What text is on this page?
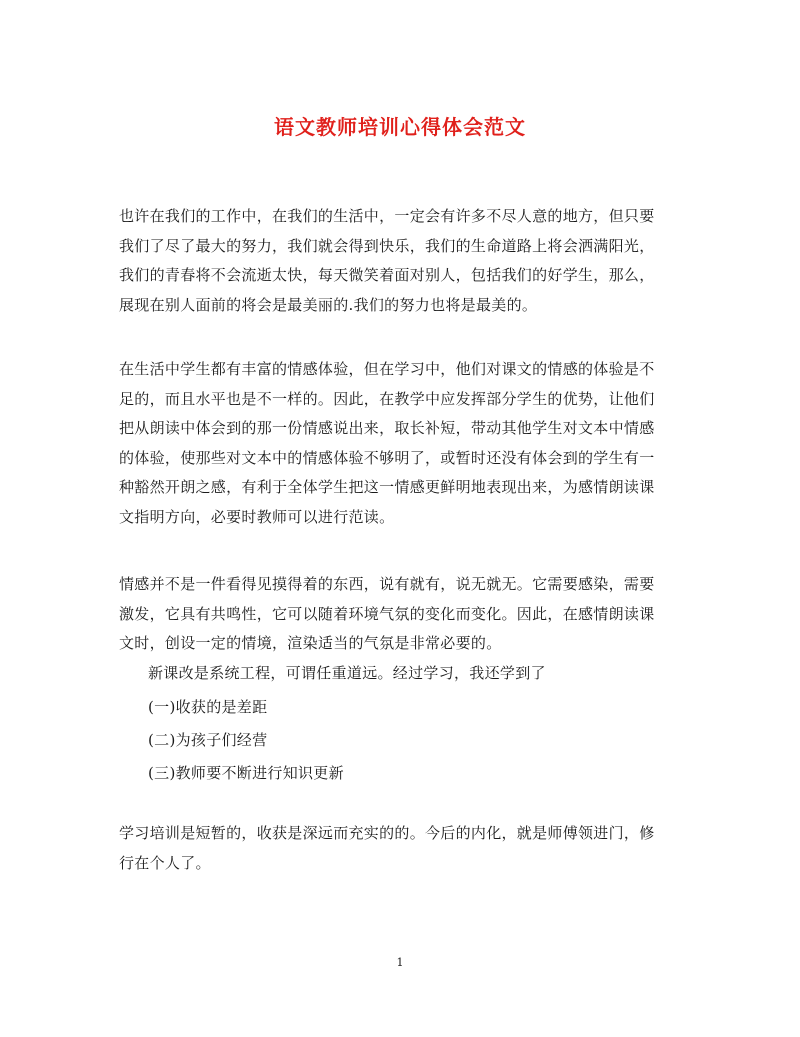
语文教师培训心得体会范文
也许在我们的工作中，在我们的生活中，一定会有许多不尽人意的地方，但只要
我们了尽了最大的努力，我们就会得到快乐，我们的生命道路上将会洒满阳光，
我们的青春将不会流逝太快，每天微笑着面对别人，包括我们的好学生，那么，
展现在别人面前的将会是最美丽的.我们的努力也将是最美的。
在生活中学生都有丰富的情感体验，但在学习中，他们对课文的情感的体验是不
足的，而且水平也是不一样的。因此，在教学中应发挥部分学生的优势，让他们
把从朗读中体会到的那一份情感说出来，取长补短，带动其他学生对文本中情感
的体验，使那些对文本中的情感体验不够明了，或暂时还没有体会到的学生有一
种豁然开朗之感，有利于全体学生把这一情感更鲜明地表现出来，为感情朗读课
文指明方向，必要时教师可以进行范读。
情感并不是一件看得见摸得着的东西，说有就有，说无就无。它需要感染，需要
激发，它具有共鸣性，它可以随着环境气氛的变化而变化。因此，在感情朗读课
文时，创设一定的情境，渲染适当的气氛是非常必要的。

新课改是系统工程，可谓任重道远。经过学习，我还学到了

(一)收获的是差距

(二)为孩子们经营

(三)教师要不断进行知识更新

学习培训是短暂的，收获是深远而充实的的。今后的内化，就是师傅领进门，修
行在个人了。

1
